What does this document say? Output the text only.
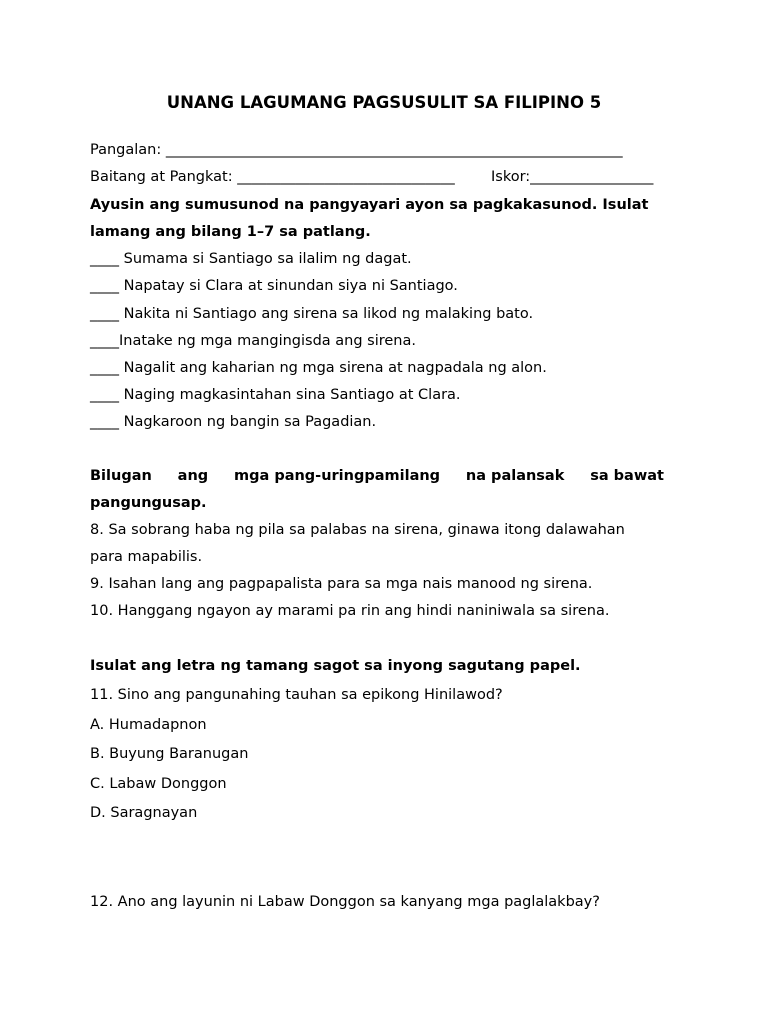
UNANG LAGUMANG PAGSUSULIT SA FILIPINO 5
Pangalan: _______________________________________________________________
Baitang at Pangkat: ______________________________	Iskor:_________________
Ayusin ang sumusunod na pangyayari ayon sa pagkakasunod. Isulat
lamang ang bilang 1–7 sa patlang.
____ Sumama si Santiago sa ilalim ng dagat.
____ Napatay si Clara at sinundan siya ni Santiago.
____ Nakita ni Santiago ang sirena sa likod ng malaking bato.
____Inatake ng mga mangingisda ang sirena.
____ Nagalit ang kaharian ng mga sirena at nagpadala ng alon.
____ Naging magkasintahan sina Santiago at Clara.
____ Nagkaroon ng bangin sa Pagadian.
Bilugan ang mga pang-uringpamilang na palansak sa bawat
pangungusap.
8. Sa sobrang haba ng pila sa palabas na sirena, ginawa itong dalawahan
para mapabilis.
9. Isahan lang ang pagpapalista para sa mga nais manood ng sirena.
10. Hanggang ngayon ay marami pa rin ang hindi naniniwala sa sirena.
Isulat ang letra ng tamang sagot sa inyong sagutang papel.
11. Sino ang pangunahing tauhan sa epikong Hinilawod?
A. Humadapnon
B. Buyung Baranugan
C. Labaw Donggon
D. Saragnayan
12. Ano ang layunin ni Labaw Donggon sa kanyang mga paglalakbay?
